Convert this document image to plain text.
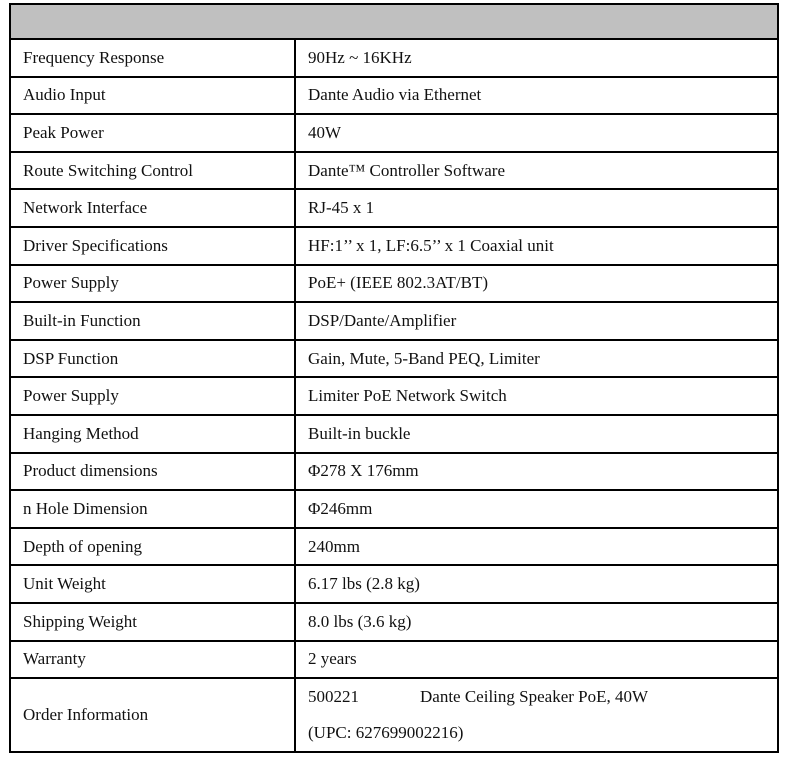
Frequency Response	90Hz ~ 16KHz
Audio Input	Dante Audio via Ethernet
Peak Power	40W
Route Switching Control	Dante™ Controller Software
Network Interface	RJ-45 x 1
Driver Specifications	HF:1’’ x 1, LF:6.5’’ x 1 Coaxial unit
Power Supply	PoE+ (IEEE 802.3AT/BT)
Built-in Function	DSP/Dante/Amplifier
DSP Function	Gain, Mute, 5-Band PEQ, Limiter
Power Supply	Limiter PoE Network Switch
Hanging Method	Built-in buckle
Product dimensions	Φ278 X 176mm
n Hole Dimension	Φ246mm
Depth of opening	240mm
Unit Weight	6.17 lbs (2.8 kg)
Shipping Weight	8.0 lbs (3.6 kg)
Warranty	2 years
Order Information	500221 Dante Ceiling Speaker PoE, 40W
(UPC: 627699002216)
